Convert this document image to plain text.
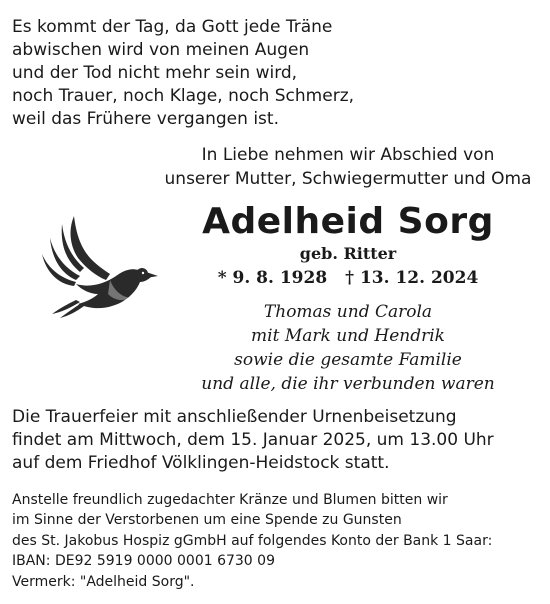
Es kommt der Tag, da Gott jede Träne
abwischen wird von meinen Augen
und der Tod nicht mehr sein wird,
noch Trauer, noch Klage, noch Schmerz,
weil das Frühere vergangen ist.
In Liebe nehmen wir Abschied von
unserer Mutter, Schwiegermutter und Oma
Adelheid Sorg
geb. Ritter
* 9. 8. 1928 † 13. 12. 2024
Thomas und Carola
mit Mark und Hendrik
sowie die gesamte Familie
und alle, die ihr verbunden waren
Die Trauerfeier mit anschließender Urnenbeisetzung
findet am Mittwoch, dem 15. Januar 2025, um 13.00 Uhr
auf dem Friedhof Völklingen-Heidstock statt.
Anstelle freundlich zugedachter Kränze und Blumen bitten wir
im Sinne der Verstorbenen um eine Spende zu Gunsten
des St. Jakobus Hospiz gGmbH auf folgendes Konto der Bank 1 Saar:
IBAN: DE92 5919 0000 0001 6730 09
Vermerk: "Adelheid Sorg".
